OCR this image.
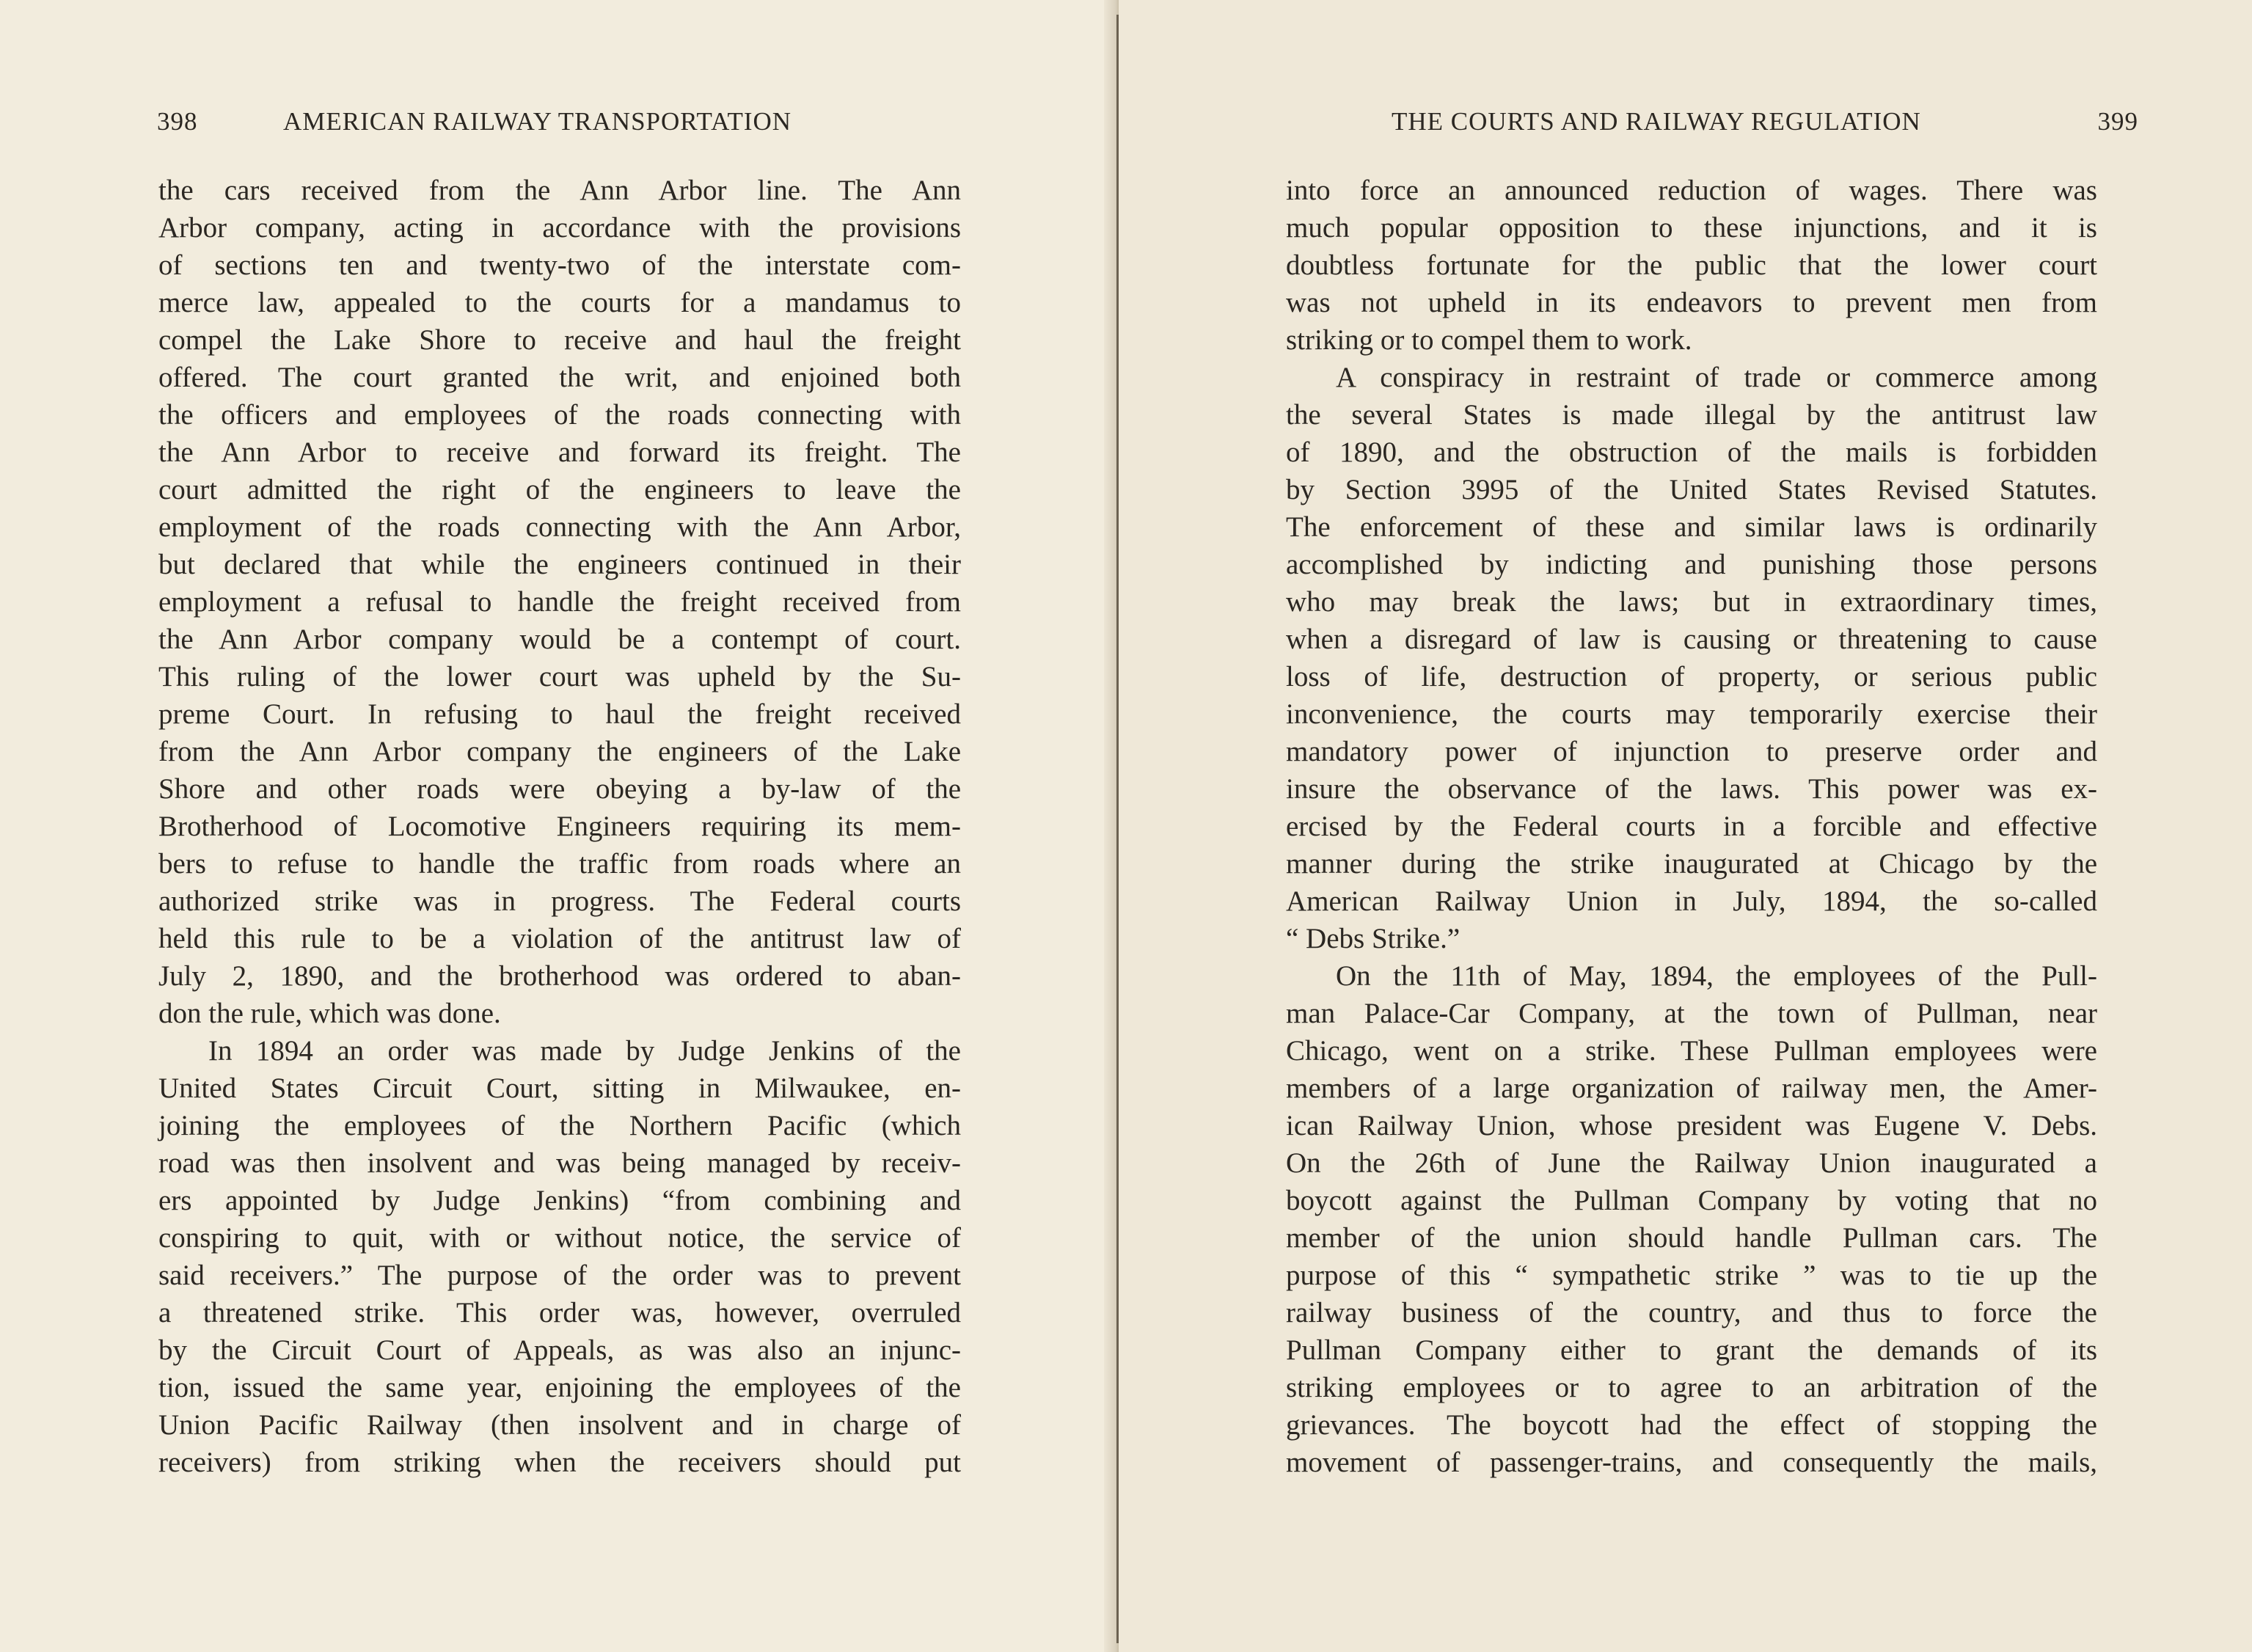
398	AMERICAN RAILWAY TRANSPORTATION
the cars received from the Ann Arbor line. The Ann
Arbor company, acting in accordance with the provisions
of sections ten and twenty-two of the interstate com-
merce law, appealed to the courts for a mandamus to
compel the Lake Shore to receive and haul the freight
offered. The court granted the writ, and enjoined both
the officers and employees of the roads connecting with
the Ann Arbor to receive and forward its freight. The
court admitted the right of the engineers to leave the
employment of the roads connecting with the Ann Arbor,
but declared that while the engineers continued in their
employment a refusal to handle the freight received from
the Ann Arbor company would be a contempt of court.
This ruling of the lower court was upheld by the Su-
preme Court. In refusing to haul the freight received
from the Ann Arbor company the engineers of the Lake
Shore and other roads were obeying a by-law of the
Brotherhood of Locomotive Engineers requiring its mem-
bers to refuse to handle the traffic from roads where an
authorized strike was in progress. The Federal courts
held this rule to be a violation of the antitrust law of
July 2, 1890, and the brotherhood was ordered to aban-
don the rule, which was done.
In 1894 an order was made by Judge Jenkins of the
United States Circuit Court, sitting in Milwaukee, en-
joining the employees of the Northern Pacific (which
road was then insolvent and was being managed by receiv-
ers appointed by Judge Jenkins) “from combining and
conspiring to quit, with or without notice, the service of
said receivers.” The purpose of the order was to prevent
a threatened strike. This order was, however, overruled
by the Circuit Court of Appeals, as was also an injunc-
tion, issued the same year, enjoining the employees of the
Union Pacific Railway (then insolvent and in charge of
receivers) from striking when the receivers should put
THE COURTS AND RAILWAY REGULATION	399
into force an announced reduction of wages. There was
much popular opposition to these injunctions, and it is
doubtless fortunate for the public that the lower court
was not upheld in its endeavors to prevent men from
striking or to compel them to work.
A conspiracy in restraint of trade or commerce among
the several States is made illegal by the antitrust law
of 1890, and the obstruction of the mails is forbidden
by Section 3995 of the United States Revised Statutes.
The enforcement of these and similar laws is ordinarily
accomplished by indicting and punishing those persons
who may break the laws; but in extraordinary times,
when a disregard of law is causing or threatening to cause
loss of life, destruction of property, or serious public
inconvenience, the courts may temporarily exercise their
mandatory power of injunction to preserve order and
insure the observance of the laws. This power was ex-
ercised by the Federal courts in a forcible and effective
manner during the strike inaugurated at Chicago by the
American Railway Union in July, 1894, the so-called
“ Debs Strike.”
On the 11th of May, 1894, the employees of the Pull-
man Palace-Car Company, at the town of Pullman, near
Chicago, went on a strike. These Pullman employees were
members of a large organization of railway men, the Amer-
ican Railway Union, whose president was Eugene V. Debs.
On the 26th of June the Railway Union inaugurated a
boycott against the Pullman Company by voting that no
member of the union should handle Pullman cars. The
purpose of this “ sympathetic strike ” was to tie up the
railway business of the country, and thus to force the
Pullman Company either to grant the demands of its
striking employees or to agree to an arbitration of the
grievances. The boycott had the effect of stopping the
movement of passenger-trains, and consequently the mails,
